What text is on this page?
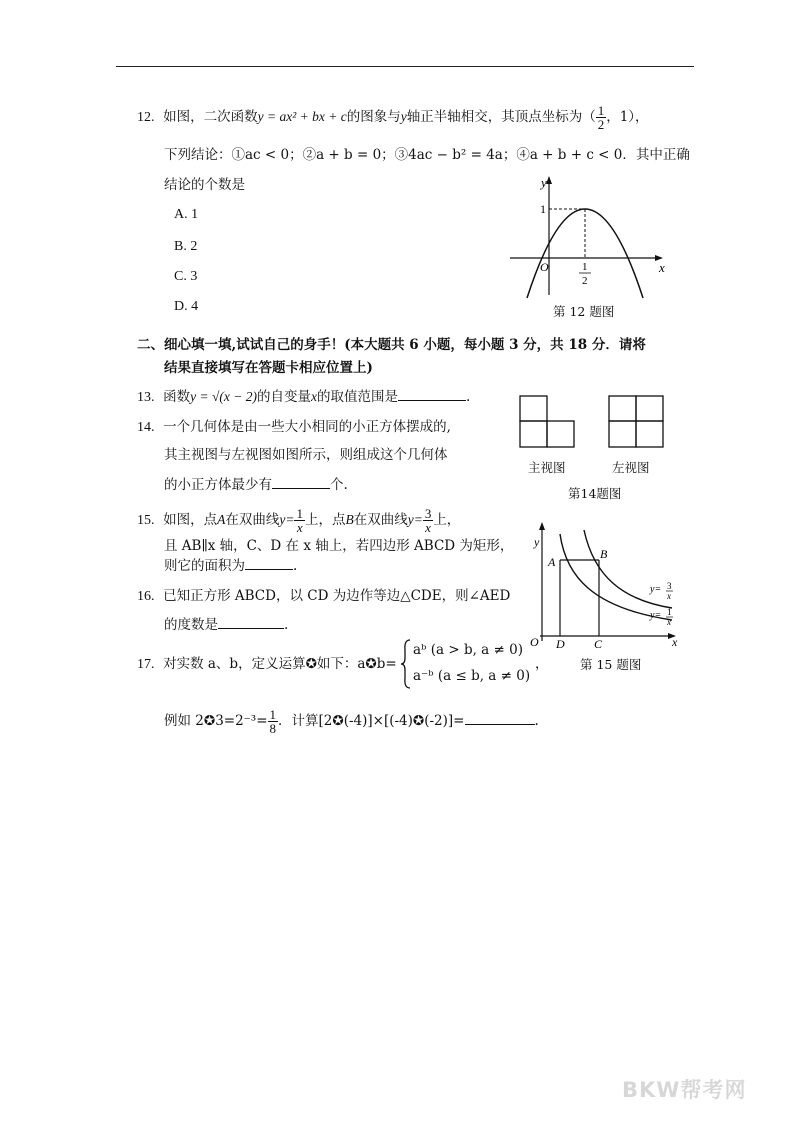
12. 如图，二次函数y = ax² + bx + c的图象与y轴正半轴相交，其顶点坐标为（ $\frac{1}{2}$ ，1），
下列结论：①ac < 0；②a + b = 0；③4ac − b² = 4a；④a + b + c < 0．其中正确
结论的个数是
A. 1
B. 2
C. 3
D. 4
y
x
O
1
1
2
第 12 题图
二、细心填一填,试试自己的身手！(本大题共 6 小题，每小题 3 分，共 18 分．请将
结果直接填写在答题卡相应位置上)
13. 函数y = √(x − 2)的自变量x的取值范围是	.
14. 一个几何体是由一些大小相同的小正方体摆成的,
其主视图与左视图如图所示，则组成这个几何体
的小正方体最少有	个.
主视图	左视图
第14题图
15. 如图，点A在双曲线$y= \frac{1}{x}$上，点B在双曲线$y= \frac{3}{x}$上，
且 AB∥x 轴，C、D 在 x 轴上，若四边形 ABCD 为矩形，
则它的面积为	.
y
x
O
A
B
D C
y= 3
x
y= 1
x
16. 已知正方形 ABCD，以 CD 为边作等边△CDE，则∠AED
的度数是	.
17. 对实数 a、b，定义运算✪如下：a✪b=
aᵇ (a > b, a ≠ 0)
a⁻ᵇ (a ≤ b, a ≠ 0)
，	第 15 题图
例如 2✪3=2⁻³= $\frac{1}{8}$ ．计算[2✪(-4)]×[(-4)✪(-2)]=	.
BKW帮考网
